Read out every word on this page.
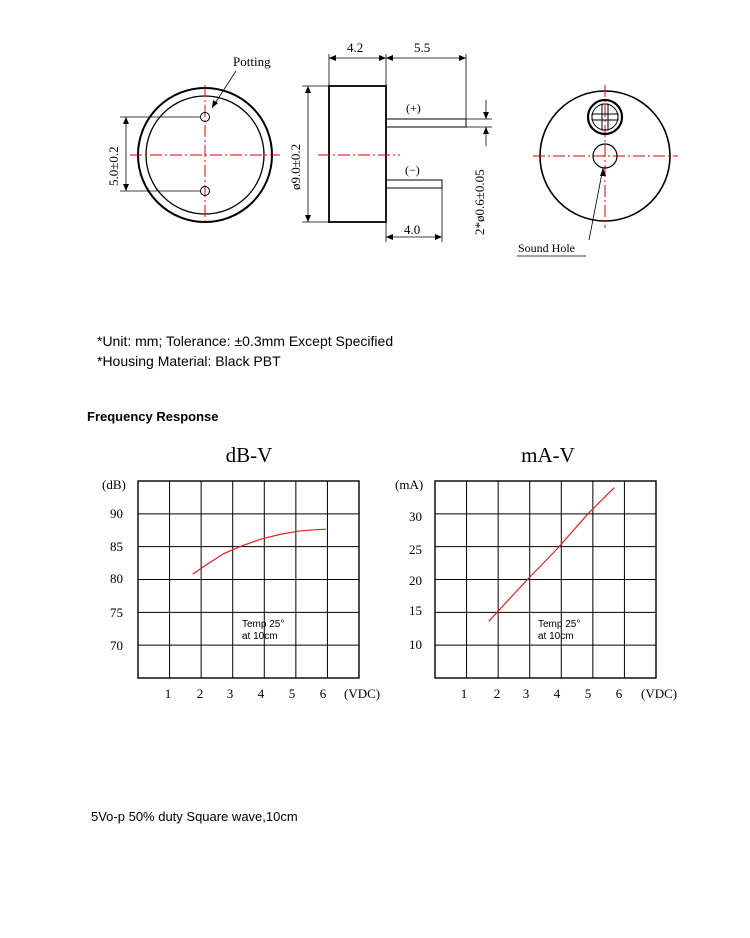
Potting
5.0±0.2
4.2	5.5
ø9.0±0.2
(+)
(−)
4.0	2*ø0.6±0.05
Sound Hole
*Unit: mm; Tolerance: ±0.3mm Except Specified
*Housing Material: Black PBT
Frequency Response
dB-V
(dB)
(VDC)
90
85
80
75
70
1 2 3 4 5 6
Temp 25°
at 10cm
mA-V
(mA)
(VDC)
30
25
20
15
10
1 2 3 4 5 6
Temp 25°
at 10cm
5Vo-p 50% duty Square wave,10cm
